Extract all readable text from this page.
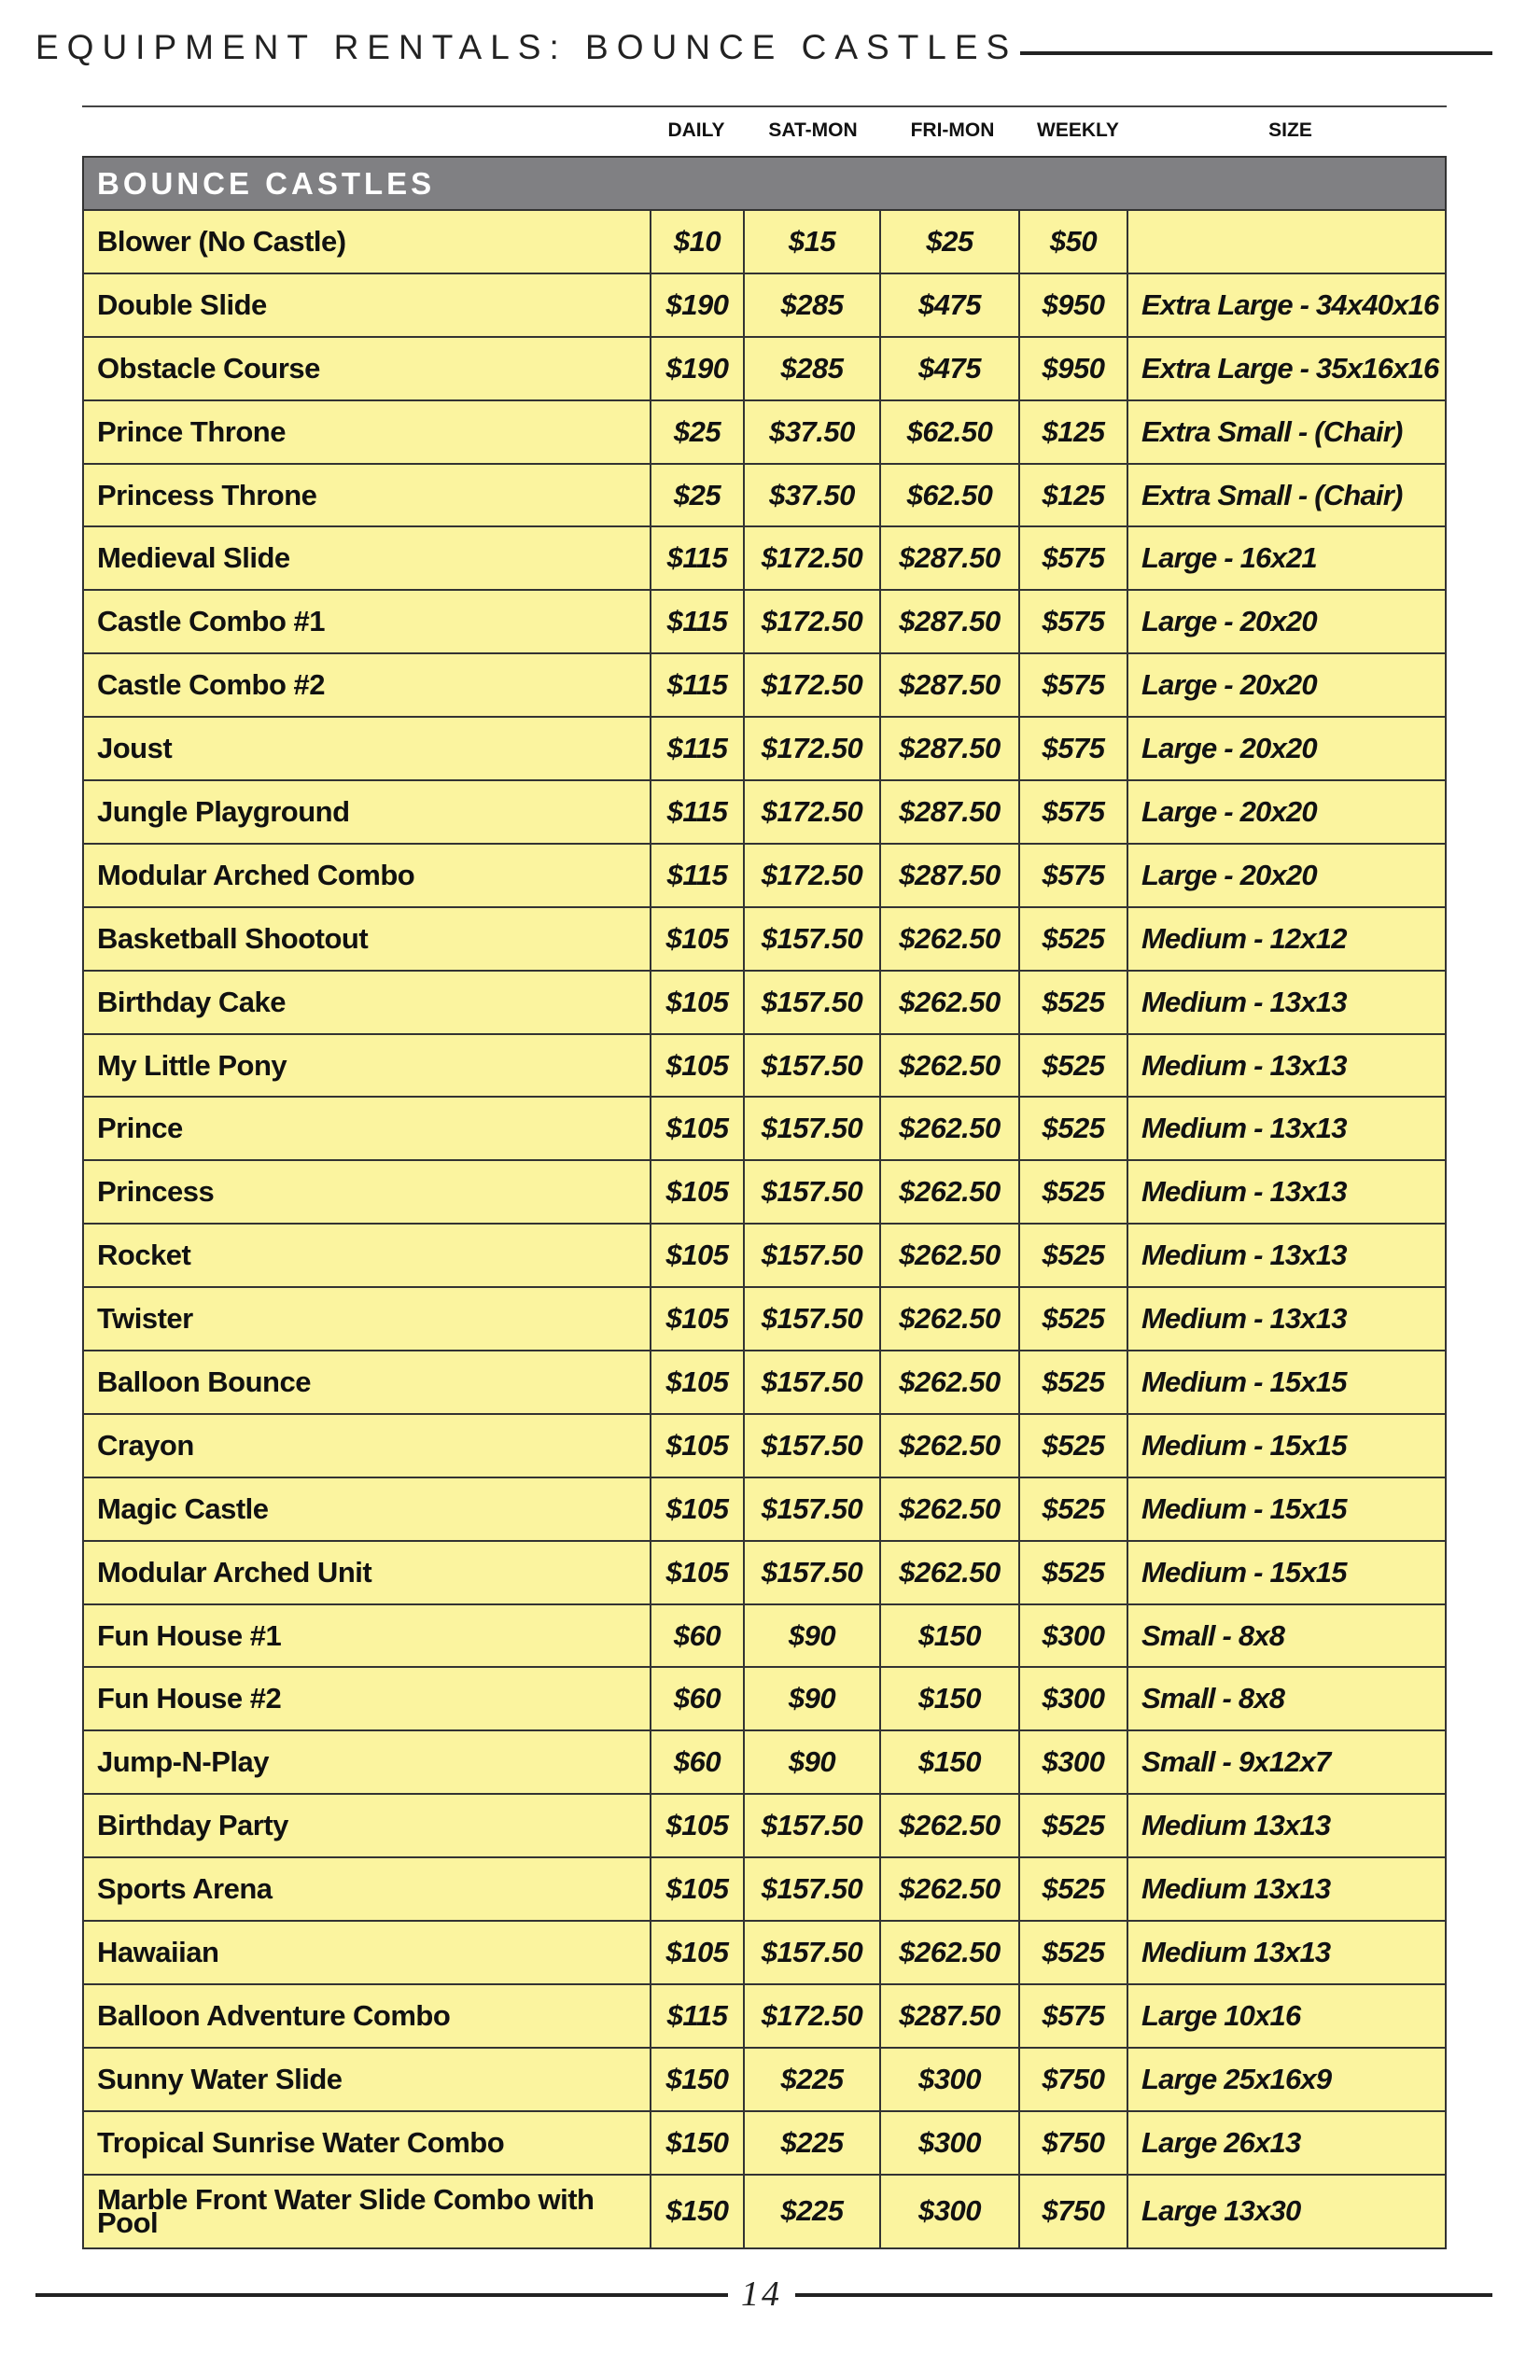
EQUIPMENT RENTALS: BOUNCE CASTLES
DAILY	SAT-MON	FRI-MON	WEEKLY	SIZE
BOUNCE CASTLES
Blower (No Castle)	$10 $15	$25	$50
Double Slide	$190 $285	$475 $950 Extra Large - 34x40x16
Obstacle Course	$190 $285	$475 $950 Extra Large - 35x16x16
Prince Throne	$25 $37.50 $62.50 $125 Extra Small - (Chair)
Princess Throne	$25 $37.50 $62.50 $125 Extra Small - (Chair)
Medieval Slide	$115 $172.50 $287.50 $575 Large - 16x21
Castle Combo #1	$115 $172.50 $287.50 $575 Large - 20x20
Castle Combo #2	$115 $172.50 $287.50 $575 Large - 20x20
Joust	$115 $172.50 $287.50 $575 Large - 20x20
Jungle Playground	$115 $172.50 $287.50 $575 Large - 20x20
Modular Arched Combo	$115 $172.50 $287.50 $575 Large - 20x20
Basketball Shootout	$105 $157.50 $262.50 $525 Medium - 12x12
Birthday Cake	$105 $157.50 $262.50 $525 Medium - 13x13
My Little Pony	$105 $157.50 $262.50 $525 Medium - 13x13
Prince	$105 $157.50 $262.50 $525 Medium - 13x13
Princess	$105 $157.50 $262.50 $525 Medium - 13x13
Rocket	$105 $157.50 $262.50 $525 Medium - 13x13
Twister	$105 $157.50 $262.50 $525 Medium - 13x13
Balloon Bounce	$105 $157.50 $262.50 $525 Medium - 15x15
Crayon	$105 $157.50 $262.50 $525 Medium - 15x15
Magic Castle	$105 $157.50 $262.50 $525 Medium - 15x15
Modular Arched Unit	$105 $157.50 $262.50 $525 Medium - 15x15
Fun House #1	$60 $90	$150 $300 Small - 8x8
Fun House #2	$60 $90	$150 $300 Small - 8x8
Jump-N-Play	$60 $90	$150 $300 Small - 9x12x7
Birthday Party	$105 $157.50 $262.50 $525 Medium 13x13
Sports Arena	$105 $157.50 $262.50 $525 Medium 13x13
Hawaiian	$105 $157.50 $262.50 $525 Medium 13x13
Balloon Adventure Combo	$115 $172.50 $287.50 $575 Large 10x16
Sunny Water Slide	$150 $225	$300 $750 Large 25x16x9
Tropical Sunrise Water Combo	$150 $225	$300 $750 Large 26x13
Marble Front Water Slide Combo with Pool	$150 $225	$300 $750 Large 13x30
14
